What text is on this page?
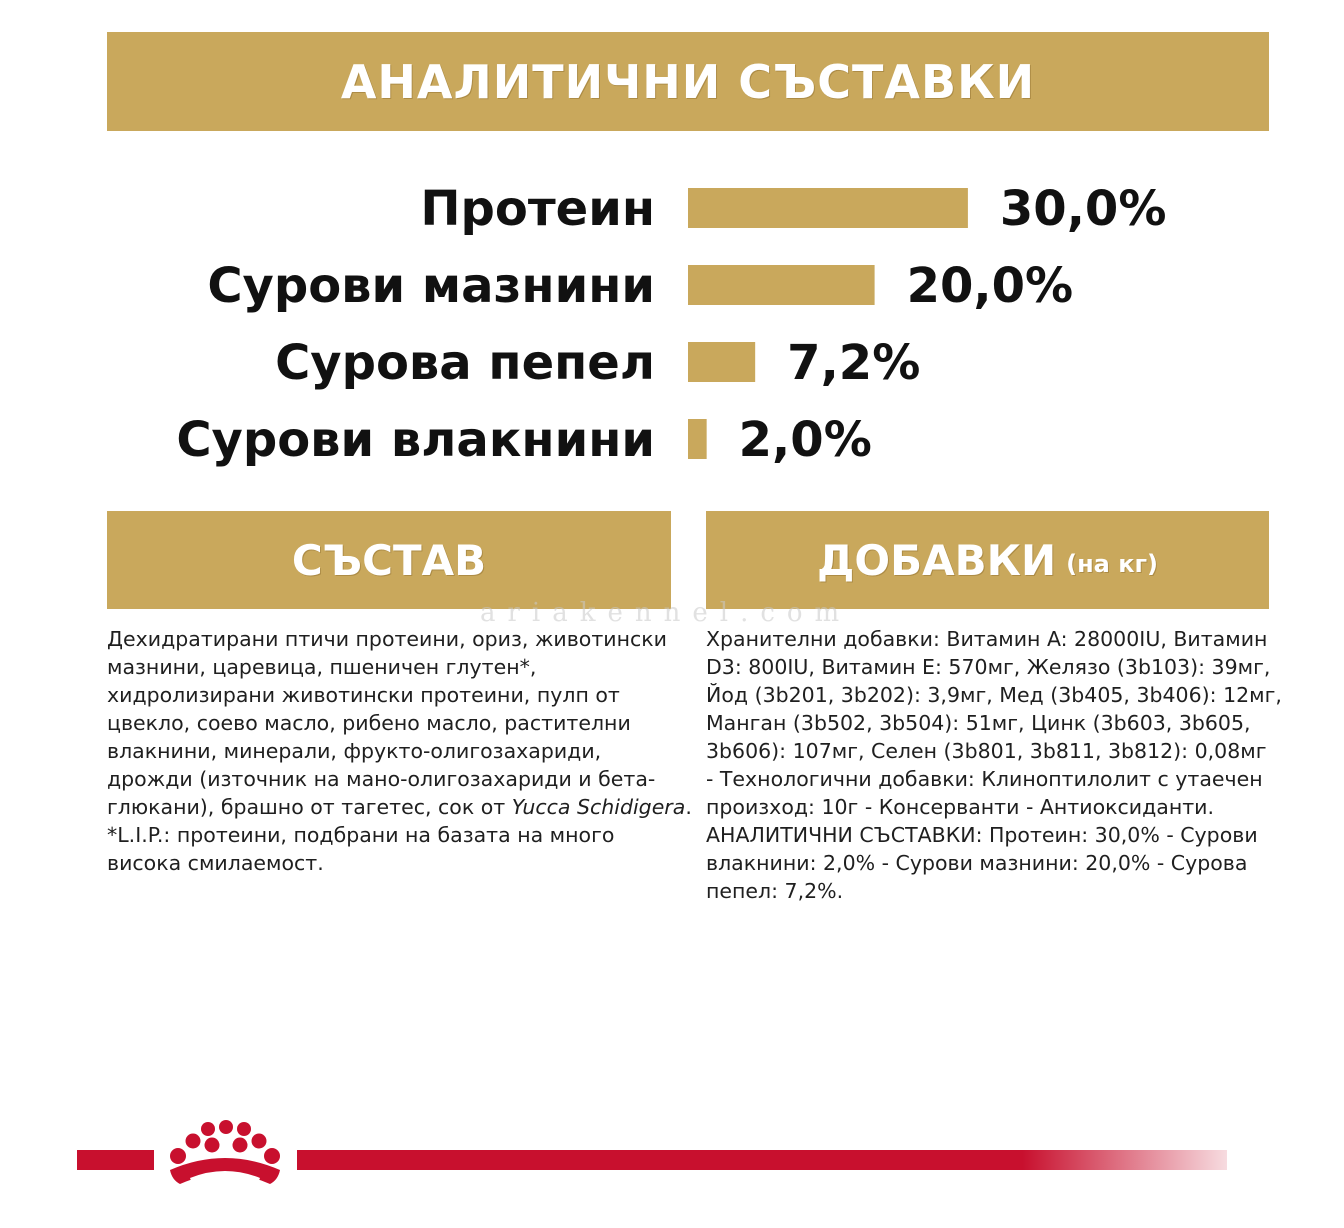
АНАЛИТИЧНИ СЪСТАВКИ
Протеин	30,0%
Сурови мазнини	20,0%
Сурова пепел	7,2%
Сурови влакнини 2,0%
СЪСТАВ	ДОБАВКИ (на кг)
ariakennel.com
Дехидратирани птичи протеини, ориз, животински
мазнини, царевица, пшеничен глутен*,
хидролизирани животински протеини, пулп от
цвекло, соево масло, рибено масло, растителни
влакнини, минерали, фрукто-олигозахариди,
дрожди (източник на мано-олигозахариди и бета-
глюкани), брашно от тагетес, сок от Yucca Schidigera.
*L.I.P.: протеини, подбрани на базата на много
висока смилаемост.
Хранителни добавки: Витамин A: 28000IU, Витамин
D3: 800IU, Витамин E: 570мг, Желязо (3b103): 39мг,
Йод (3b201, 3b202): 3,9мг, Мед (3b405, 3b406): 12мг,
Манган (3b502, 3b504): 51мг, Цинк (3b603, 3b605,
3b606): 107мг, Селен (3b801, 3b811, 3b812): 0,08мг
- Технологични добавки: Клиноптилолит с утаечен
произход: 10г - Консерванти - Антиоксиданти.
АНАЛИТИЧНИ СЪСТАВКИ: Протеин: 30,0% - Сурови
влакнини: 2,0% - Сурови мазнини: 20,0% - Сурова
пепел: 7,2%.
